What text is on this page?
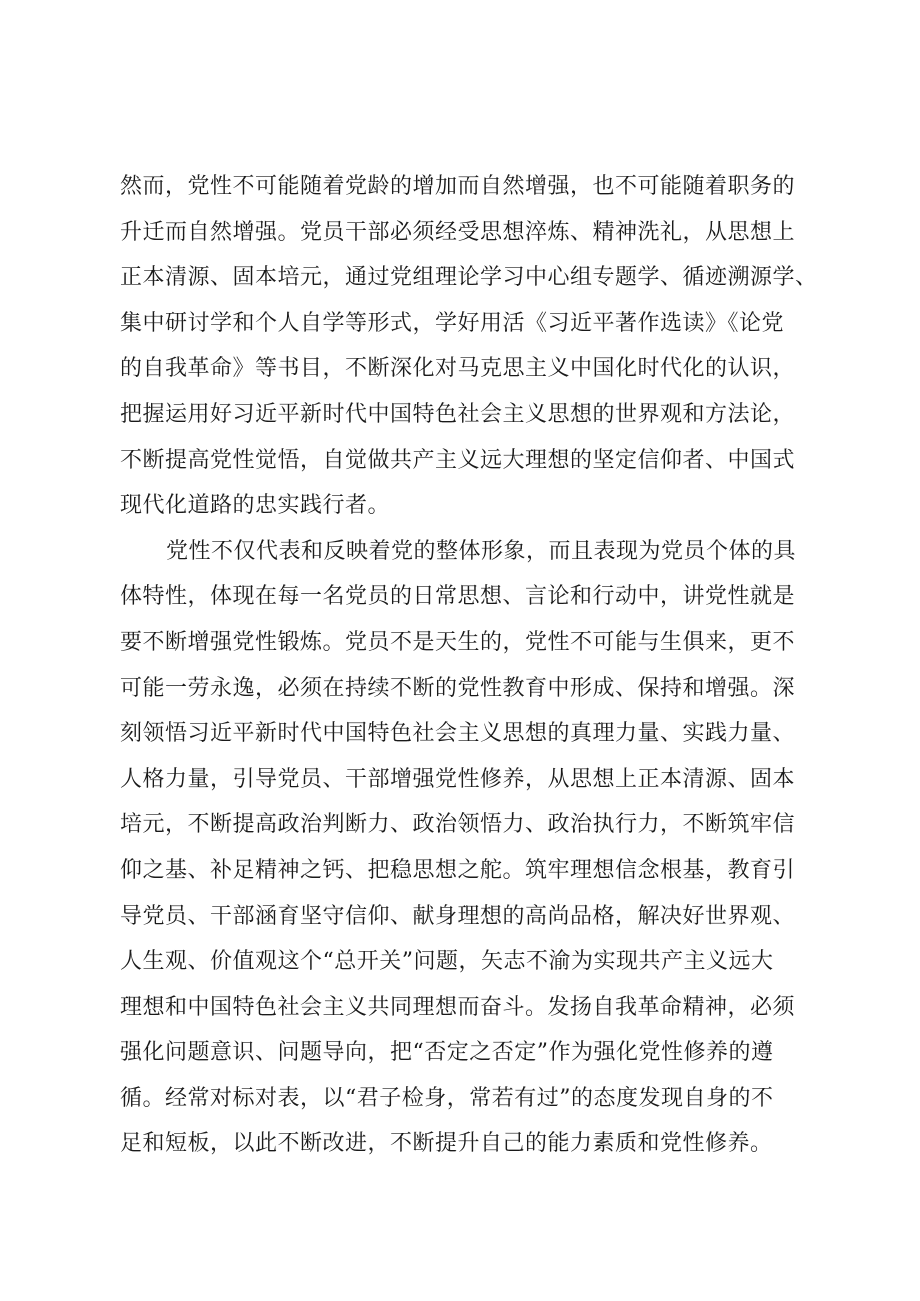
然而，党性不可能随着党龄的增加而自然增强，也不可能随着职务的
升迁而自然增强。党员干部必须经受思想淬炼、精神洗礼，从思想上
正本清源、固本培元，通过党组理论学习中心组专题学、循迹溯源学、
集中研讨学和个人自学等形式，学好用活《习近平著作选读》《论党
的自我革命》等书目，不断深化对马克思主义中国化时代化的认识，
把握运用好习近平新时代中国特色社会主义思想的世界观和方法论，
不断提高党性觉悟，自觉做共产主义远大理想的坚定信仰者、中国式
现代化道路的忠实践行者。
党性不仅代表和反映着党的整体形象，而且表现为党员个体的具
体特性，体现在每一名党员的日常思想、言论和行动中，讲党性就是
要不断增强党性锻炼。党员不是天生的，党性不可能与生俱来，更不
可能一劳永逸，必须在持续不断的党性教育中形成、保持和增强。深
刻领悟习近平新时代中国特色社会主义思想的真理力量、实践力量、
人格力量，引导党员、干部增强党性修养，从思想上正本清源、固本
培元，不断提高政治判断力、政治领悟力、政治执行力，不断筑牢信
仰之基、补足精神之钙、把稳思想之舵。筑牢理想信念根基，教育引
导党员、干部涵育坚守信仰、献身理想的高尚品格，解决好世界观、
人生观、价值观这个“总开关”问题，矢志不渝为实现共产主义远大
理想和中国特色社会主义共同理想而奋斗。发扬自我革命精神，必须
强化问题意识、问题导向，把“否定之否定”作为强化党性修养的遵
循。经常对标对表，以“君子检身，常若有过”的态度发现自身的不
足和短板，以此不断改进，不断提升自己的能力素质和党性修养。
